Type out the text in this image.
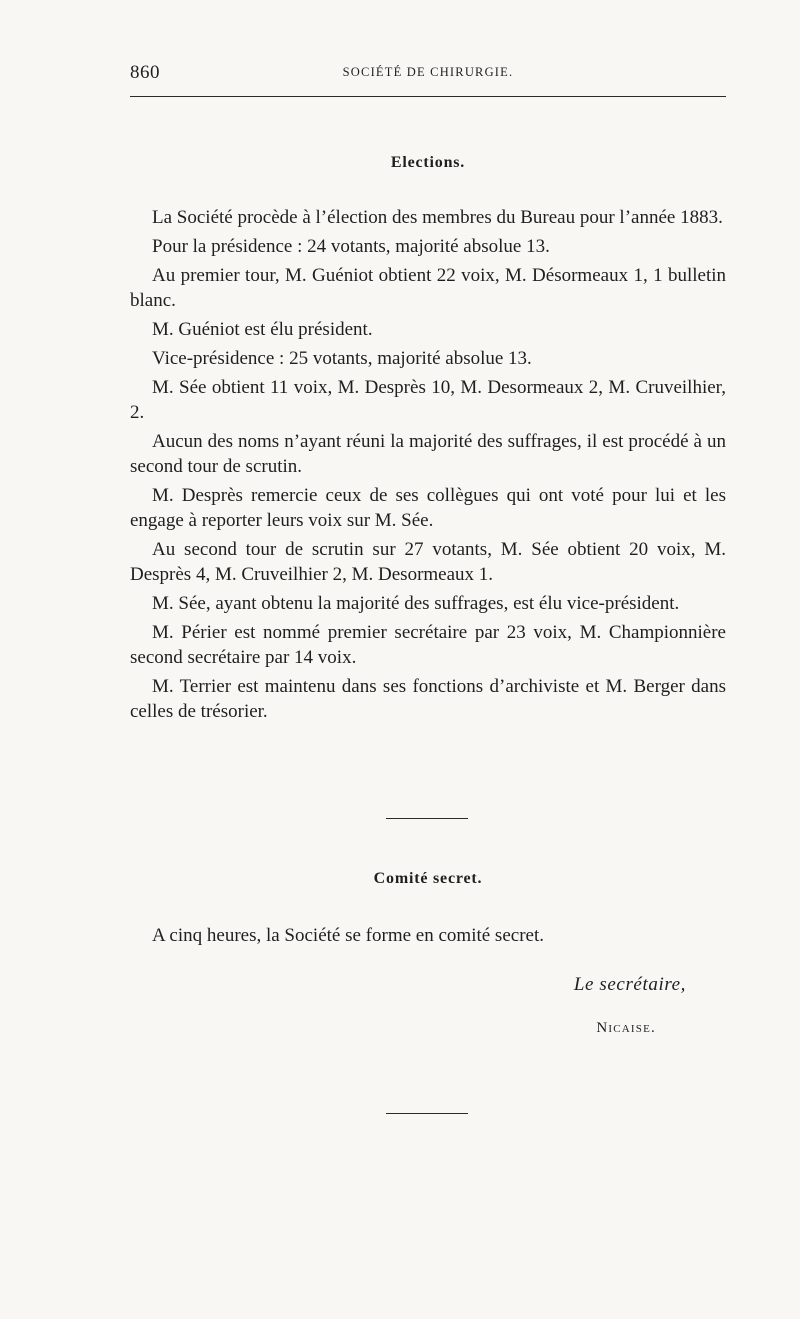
860	SOCIÉTÉ DE CHIRURGIE.
Elections.

La Société procède à l’élection des membres du Bureau pour l’année 1883.

Pour la présidence : 24 votants, majorité absolue 13.

Au premier tour, M. Guéniot obtient 22 voix, M. Désormeaux 1, 1 bulletin blanc.

M. Guéniot est élu président.

Vice-présidence : 25 votants, majorité absolue 13.

M. Sée obtient 11 voix, M. Desprès 10, M. Desormeaux 2, M. Cruveilhier, 2.

Aucun des noms n’ayant réuni la majorité des suffrages, il est procédé à un second tour de scrutin.

M. Desprès remercie ceux de ses collègues qui ont voté pour lui et les engage à reporter leurs voix sur M. Sée.

Au second tour de scrutin sur 27 votants, M. Sée obtient 20 voix, M. Desprès 4, M. Cruveilhier 2, M. Desormeaux 1.

M. Sée, ayant obtenu la majorité des suffrages, est élu vice-président.

M. Périer est nommé premier secrétaire par 23 voix, M. Championnière second secrétaire par 14 voix.

M. Terrier est maintenu dans ses fonctions d’archiviste et M. Berger dans celles de trésorier.

Comité secret.

A cinq heures, la Société se forme en comité secret.

Le secrétaire,
Nicaise.
